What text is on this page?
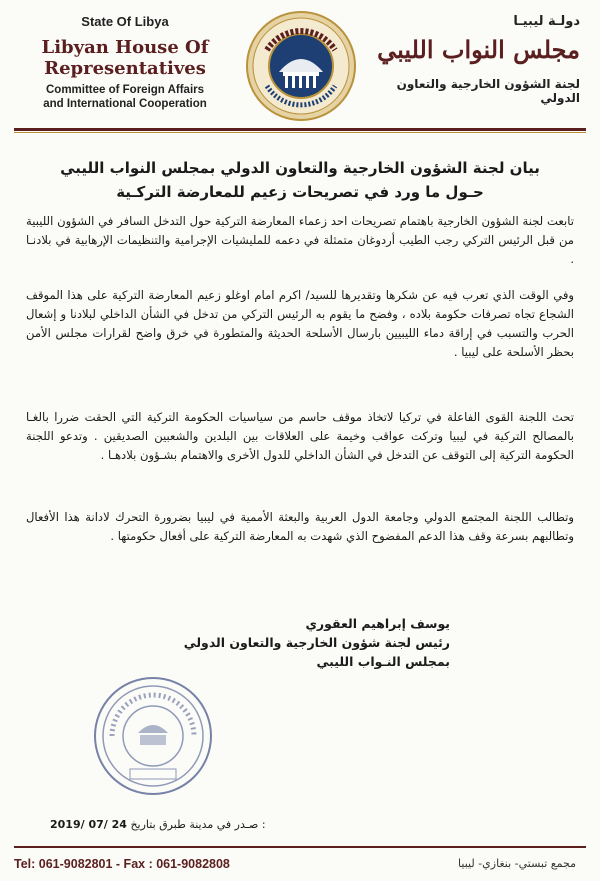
State Of Libya
Libyan House Of
Representatives
Committee of Foreign Affairs
and International Cooperation
دولـة ليبيـا
مجلس النواب الليبي
لجنة الشؤون الخارجية والتعاون الدولي
بيان لجنة الشؤون الخارجية والتعاون الدولي بمجلس النواب الليبي
حـول ما ورد في تصريحات زعيم للمعارضة التركـية
تابعت لجنة الشؤون الخارجية باهتمام تصريحات احد زعماء المعارضة التركية حول التدخل السافر في الشؤون الليبية من قبل الرئيس التركي رجب الطيب أردوغان متمثلة في دعمه للمليشيات الإجرامية والتنظيمات الإرهابية في بلادنـا .
وفي الوقت الذي تعرب فيه عن شكرها وتقديرها للسيد/ اكرم امام اوغلو زعيم المعارضة التركية على هذا الموقف الشجاع تجاه تصرفات حكومة بلاده ، وفضح ما يقوم به الرئيس التركي من تدخل في الشأن الداخلي لبلادنا و إشعال الحرب والتسبب في إراقة دماء الليبيين بارسال الأسلحة الحديثة والمتطورة في خرق واضح لقرارات مجلس الأمن بحظر الأسلحة على ليبيا .
تحث اللجنة القوى الفاعلة في تركيا لاتخاذ موقف حاسم من سياسيات الحكومة التركية التي الحقت ضررا بالغـا بالمصالح التركية في ليبيا وتركت عواقب وخيمة على العلاقات بين البلدين والشعبين الصديقين . وتدعو اللجنة الحكومة التركية إلى التوقف عن التدخل في الشأن الداخلي للدول الأخرى والاهتمام بشـؤون بلادهـا .
وتطالب اللجنة المجتمع الدولي وجامعة الدول العربية والبعثة الأممية في ليبيا بضرورة التحرك لادانة هذا الأفعال وتطالبهم بسرعة وقف هذا الدعم المفضوح الذي شهدت به المعارضة التركية على أفعال حكومتها .
يوسف إبراهيم العقوري
رئيس لجنة شؤون الخارجية والتعاون الدولي
بمجلس النـواب الليبي
2019/ 07/ 24 صـدر في مدينة طبرق بتاريخ :
Tel: 061-9082801 - Fax : 061-9082808	مجمع تبستي- بنغازي- ليبيا
